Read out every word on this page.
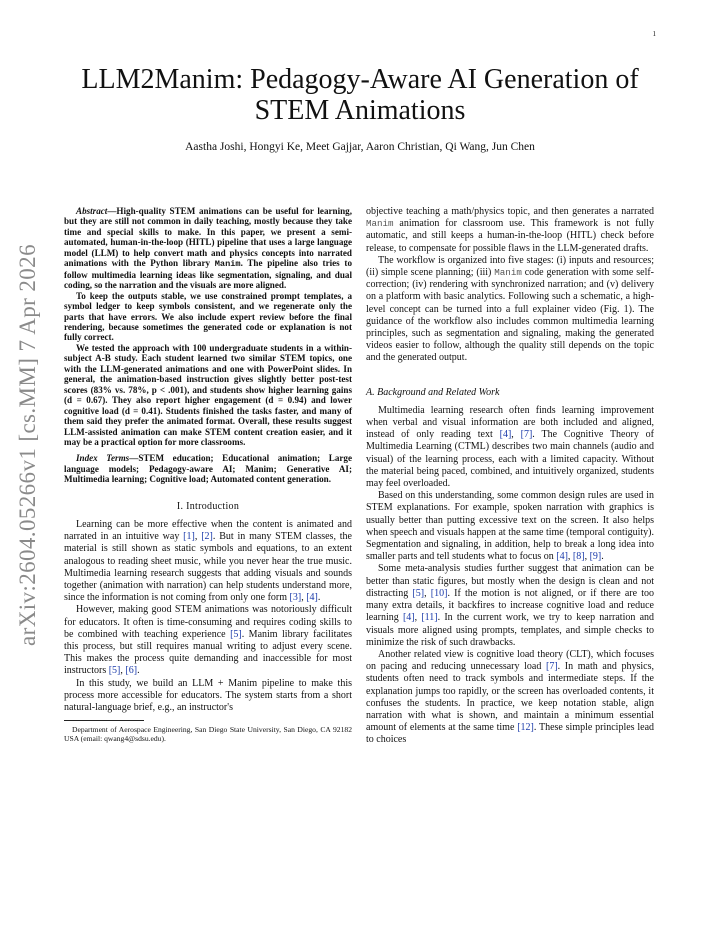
1
arXiv:2604.05266v1 [cs.MM] 7 Apr 2026
LLM2Manim: Pedagogy-Aware AI Generation of STEM Animations
Aastha Joshi, Hongyi Ke, Meet Gajjar, Aaron Christian, Qi Wang, Jun Chen

Abstract—High-quality STEM animations can be useful for learning, but they are still not common in daily teaching, mostly because they take time and special skills to make. In this paper, we present a semi-automated, human-in-the-loop (HITL) pipeline that uses a large language model (LLM) to help convert math and physics concepts into narrated animations with the Python library Manim. The pipeline also tries to follow multimedia learning ideas like segmentation, signaling, and dual coding, so the narration and the visuals are more aligned.

To keep the outputs stable, we use constrained prompt templates, a symbol ledger to keep symbols consistent, and we regenerate only the parts that have errors. We also include expert review before the final rendering, because sometimes the generated code or explanation is not fully correct.

We tested the approach with 100 undergraduate students in a within-subject A-B study. Each student learned two similar STEM topics, one with the LLM-generated animations and one with PowerPoint slides. In general, the animation-based instruction gives slightly better post-test scores (83% vs. 78%, p < .001), and students show higher learning gains (d = 0.67). They also report higher engagement (d = 0.94) and lower cognitive load (d = 0.41). Students finished the tasks faster, and many of them said they prefer the animated format. Overall, these results suggest LLM-assisted animation can make STEM content creation easier, and it may be a practical option for more classrooms.

Index Terms—STEM education; Educational animation; Large language models; Pedagogy-aware AI; Manim; Generative AI; Multimedia learning; Cognitive load; Automated content generation.

I. Introduction

Learning can be more effective when the content is animated and narrated in an intuitive way [1], [2]. But in many STEM classes, the material is still shown as static symbols and equations, to an extent analogous to reading sheet music, while you never hear the true music. Multimedia learning research suggests that adding visuals and sounds together (animation with narration) can help students understand more, since the information is not coming from only one form [3], [4].

However, making good STEM animations was notoriously difficult for educators. It often is time-consuming and requires coding skills to be combined with teaching experience [5]. Manim library facilitates this process, but still requires manual writing to adjust every scene. This makes the process quite demanding and inaccessible for most instructors [5], [6].

In this study, we build an LLM + Manim pipeline to make this process more accessible for educators. The system starts from a short natural-language brief, e.g., an instructor's

Department of Aerospace Engineering, San Diego State University, San Diego, CA 92182 USA (email: qwang4@sdsu.edu).

objective teaching a math/physics topic, and then generates a narrated Manim animation for classroom use. This framework is not fully automatic, and still keeps a human-in-the-loop (HITL) check before release, to compensate for possible flaws in the LLM-generated drafts.

The workflow is organized into five stages: (i) inputs and resources; (ii) simple scene planning; (iii) Manim code generation with some self-correction; (iv) rendering with synchronized narration; and (v) delivery on a platform with basic analytics. Following such a schematic, a high-level concept can be turned into a full explainer video (Fig. 1). The guidance of the workflow also includes common multimedia learning principles, such as segmentation and signaling, making the generated videos easier to follow, although the quality still depends on the topic and the generated output.

A. Background and Related Work

Multimedia learning research often finds learning improvement when verbal and visual information are both included and aligned, instead of only reading text [4], [7]. The Cognitive Theory of Multimedia Learning (CTML) describes two main channels (audio and visual) of the learning process, each with a limited capacity. Without the material being paced, combined, and intuitively organized, students may feel overloaded.

Based on this understanding, some common design rules are used in STEM explanations. For example, spoken narration with graphics is usually better than putting excessive text on the screen. It also helps when speech and visuals happen at the same time (temporal contiguity). Segmentation and signaling, in addition, help to break a long idea into smaller parts and tell students what to focus on [4], [8], [9].

Some meta-analysis studies further suggest that animation can be better than static figures, but mostly when the design is clean and not distracting [5], [10]. If the motion is not aligned, or if there are too many extra details, it backfires to increase cognitive load and reduce learning [4], [11]. In the current work, we try to keep narration and visuals more aligned using prompts, templates, and simple checks to minimize the risk of such drawbacks.

Another related view is cognitive load theory (CLT), which focuses on pacing and reducing unnecessary load [7]. In math and physics, students often need to track symbols and intermediate steps. If the explanation jumps too rapidly, or the screen has overloaded contents, it confuses the students. In practice, we keep notation stable, align narration with what is shown, and maintain a minimum essential amount of elements at the same time [12]. These simple principles lead to choices
